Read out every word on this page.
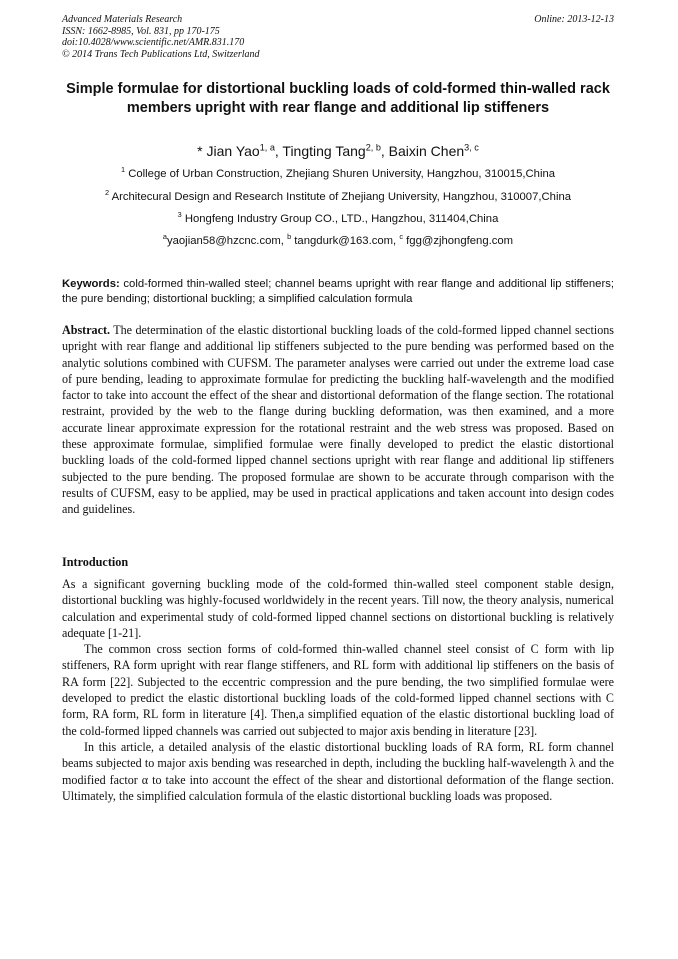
Advanced Materials Research
ISSN: 1662-8985, Vol. 831, pp 170-175
doi:10.4028/www.scientific.net/AMR.831.170
© 2014 Trans Tech Publications Ltd, Switzerland
Online: 2013-12-13
Simple formulae for distortional buckling loads of cold-formed thin-walled rack members upright with rear flange and additional lip stiffeners
* Jian Yao$^{1, a}$, Tingting Tang$^{2, b}$, Baixin Chen$^{3, c}$
$^1$ College of Urban Construction, Zhejiang Shuren University, Hangzhou, 310015,China
$^2$ Architecural Design and Research Institute of Zhejiang University, Hangzhou, 310007,China
$^3$ Hongfeng Industry Group CO., LTD., Hangzhou, 311404,China
$^a$yaojian58@hzcnc.com, $^b$ tangdurk@163.com, $^c$ fgg@zjhongfeng.com
Keywords: cold-formed thin-walled steel; channel beams upright with rear flange and additional lip stiffeners; the pure bending; distortional buckling; a simplified calculation formula
Abstract. The determination of the elastic distortional buckling loads of the cold-formed lipped channel sections upright with rear flange and additional lip stiffeners subjected to the pure bending was performed based on the analytic solutions combined with CUFSM. The parameter analyses were carried out under the extreme load case of pure bending, leading to approximate formulae for predicting the buckling half-wavelength and the modified factor to take into account the effect of the shear and distortional deformation of the flange section. The rotational restraint, provided by the web to the flange during buckling deformation, was then examined, and a more accurate linear approximate expression for the rotational restraint and the web stress was proposed. Based on these approximate formulae, simplified formulae were finally developed to predict the elastic distortional buckling loads of the cold-formed lipped channel sections upright with rear flange and additional lip stiffeners subjected to the pure bending. The proposed formulae are shown to be accurate through comparison with the results of CUFSM, easy to be applied, may be used in practical applications and taken account into design codes and guidelines.
Introduction

As a significant governing buckling mode of the cold-formed thin-walled steel component stable design, distortional buckling was highly-focused worldwidely in the recent years. Till now, the theory analysis, numerical calculation and experimental study of cold-formed lipped channel sections on distortional buckling is relatively adequate [1-21].

The common cross section forms of cold-formed thin-walled channel steel consist of C form with lip stiffeners, RA form upright with rear flange stiffeners, and RL form with additional lip stiffeners on the basis of RA form [22]. Subjected to the eccentric compression and the pure bending, the two simplified formulae were developed to predict the elastic distortional buckling loads of the cold-formed lipped channel sections with C form, RA form, RL form in literature [4]. Then,a simplified equation of the elastic distortional buckling load of the cold-formed lipped channels was carried out subjected to major axis bending in literature [23].

In this article, a detailed analysis of the elastic distortional buckling loads of RA form, RL form channel beams subjected to major axis bending was researched in depth, including the buckling half-wavelength λ and the modified factor α to take into account the effect of the shear and distortional deformation of the flange section. Ultimately, the simplified calculation formula of the elastic distortional buckling loads was proposed.
